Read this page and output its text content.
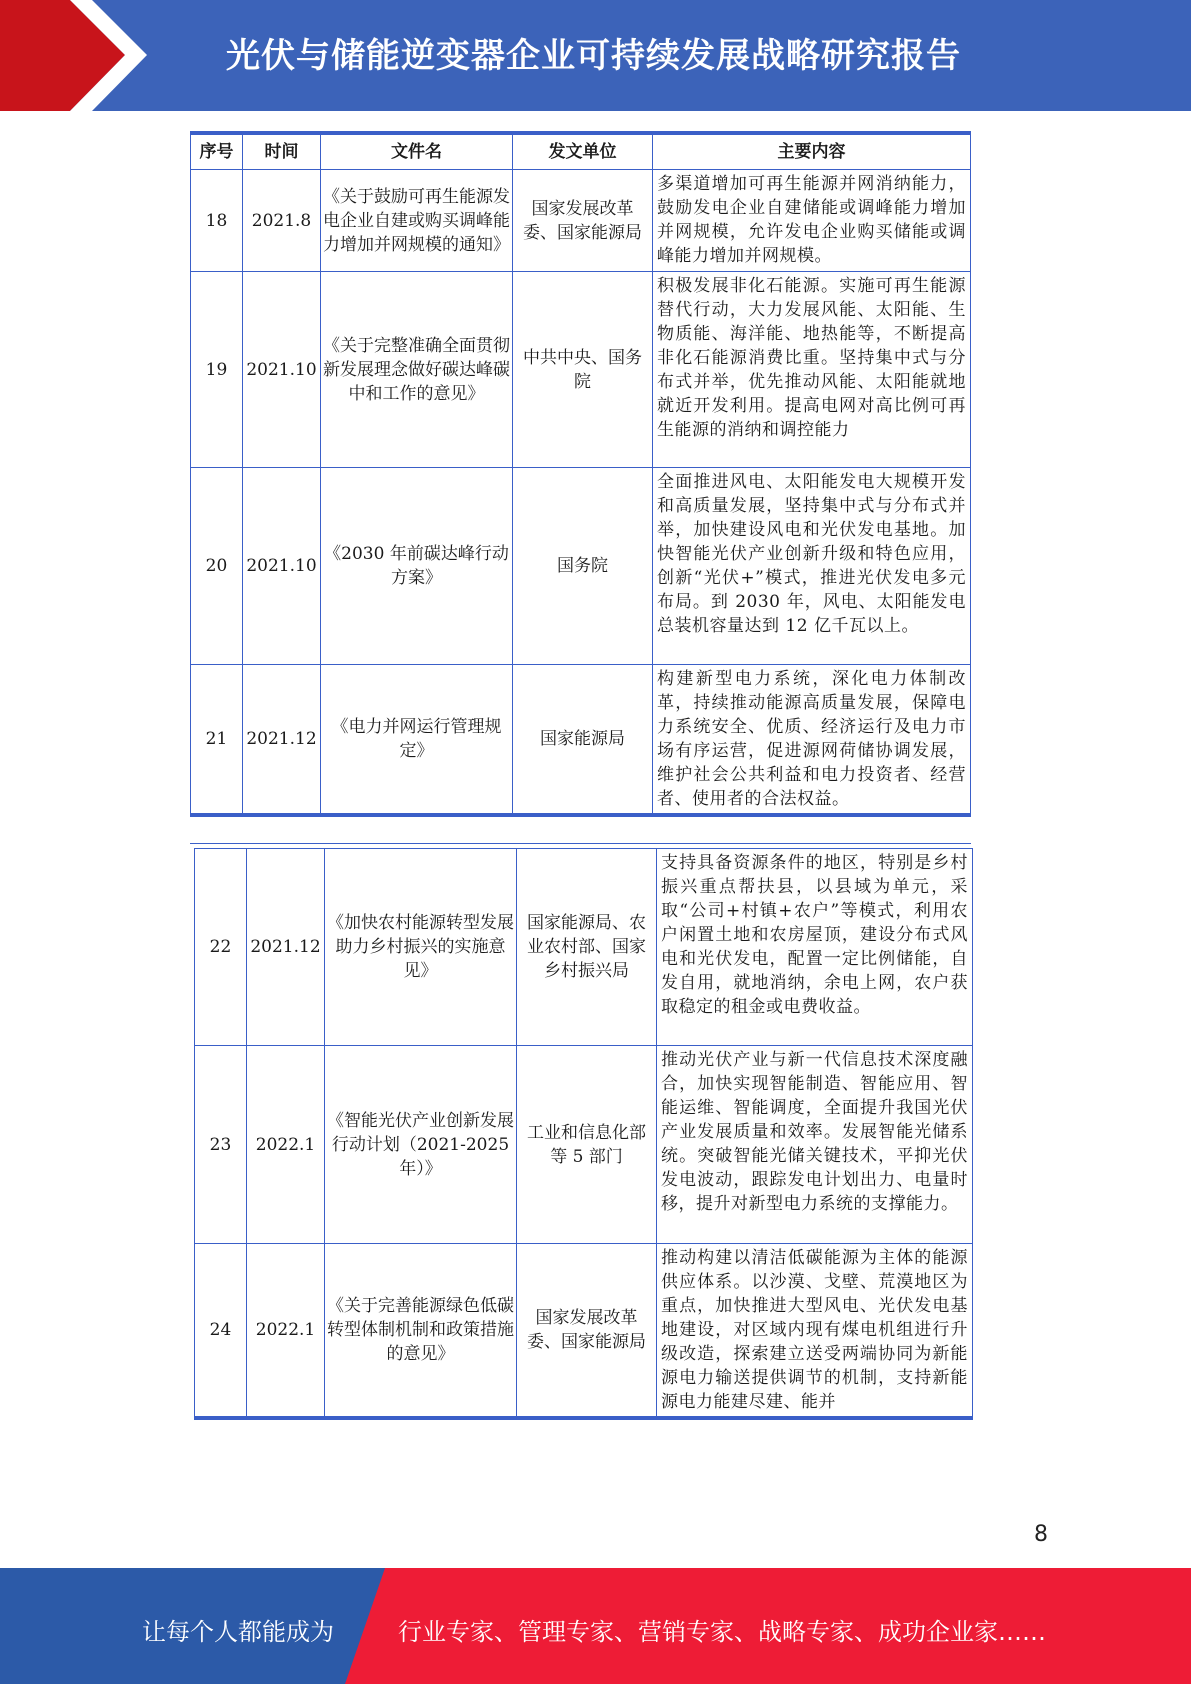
光伏与储能逆变器企业可持续发展战略研究报告
序号	时间	文件名	发文单位	主要内容
18	2021.8	《关于鼓励可再生能源发电企业自建或购买调峰能力增加并网规模的通知》	国家发展改革委、国家能源局	多渠道增加可再生能源并网消纳能力，鼓励发电企业自建储能或调峰能力增加并网规模，允许发电企业购买储能或调峰能力增加并网规模。
19	2021.10	《关于完整准确全面贯彻新发展理念做好碳达峰碳中和工作的意见》	中共中央、国务院	积极发展非化石能源。实施可再生能源替代行动，大力发展风能、太阳能、生物质能、海洋能、地热能等，不断提高非化石能源消费比重。坚持集中式与分布式并举，优先推动风能、太阳能就地就近开发利用。提高电网对高比例可再生能源的消纳和调控能力
20	2021.10	《2030 年前碳达峰行动方案》	国务院	全面推进风电、太阳能发电大规模开发和高质量发展，坚持集中式与分布式并举，加快建设风电和光伏发电基地。加快智能光伏产业创新升级和特色应用，创新“光伏+”模式，推进光伏发电多元布局。到 2030 年，风电、太阳能发电总装机容量达到 12 亿千瓦以上。
21	2021.12	《电力并网运行管理规定》	国家能源局	构建新型电力系统，深化电力体制改革，持续推动能源高质量发展，保障电力系统安全、优质、经济运行及电力市场有序运营，促进源网荷储协调发展，维护社会公共利益和电力投资者、经营者、使用者的合法权益。
22	2021.12	《加快农村能源转型发展助力乡村振兴的实施意见》	国家能源局、农业农村部、国家乡村振兴局	支持具备资源条件的地区，特别是乡村振兴重点帮扶县，以县域为单元，采取“公司+村镇+农户”等模式，利用农户闲置土地和农房屋顶，建设分布式风电和光伏发电，配置一定比例储能，自发自用，就地消纳，余电上网，农户获取稳定的租金或电费收益。
23	2022.1	《智能光伏产业创新发展行动计划（2021-2025年）》	工业和信息化部等 5 部门	推动光伏产业与新一代信息技术深度融合，加快实现智能制造、智能应用、智能运维、智能调度，全面提升我国光伏产业发展质量和效率。发展智能光储系统。突破智能光储关键技术，平抑光伏发电波动，跟踪发电计划出力、电量时移，提升对新型电力系统的支撑能力。
24	2022.1	《关于完善能源绿色低碳转型体制机制和政策措施的意见》	国家发展改革委、国家能源局	推动构建以清洁低碳能源为主体的能源供应体系。以沙漠、戈壁、荒漠地区为重点，加快推进大型风电、光伏发电基地建设，对区域内现有煤电机组进行升级改造，探索建立送受两端协同为新能源电力输送提供调节的机制，支持新能源电力能建尽建、能并
8
让每个人都能成为	行业专家、管理专家、营销专家、战略专家、成功企业家……
